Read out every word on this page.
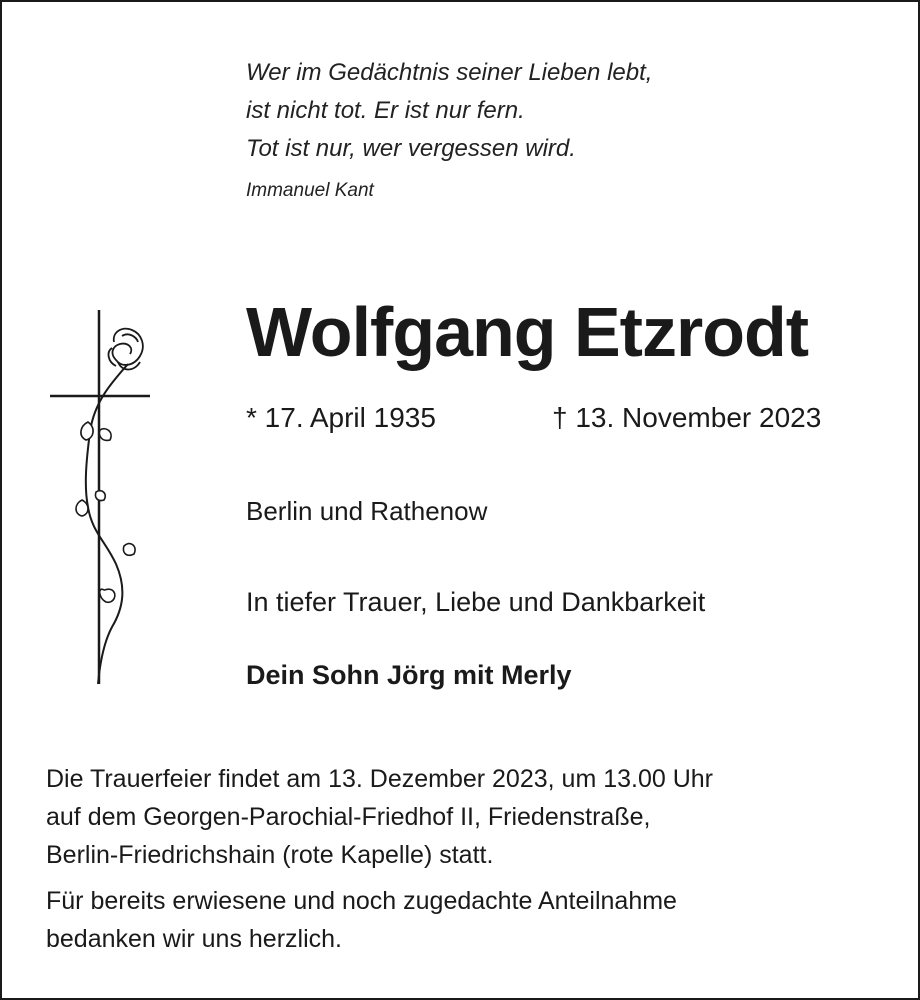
Wer im Gedächtnis seiner Lieben lebt,
ist nicht tot. Er ist nur fern.
Tot ist nur, wer vergessen wird.
Immanuel Kant
Wolfgang Etzrodt
* 17. April 1935	† 13. November 2023
Berlin und Rathenow
In tiefer Trauer, Liebe und Dankbarkeit
Dein Sohn Jörg mit Merly
Die Trauerfeier findet am 13. Dezember 2023, um 13.00 Uhr
auf dem Georgen-Parochial-Friedhof II, Friedenstraße,
Berlin-Friedrichshain (rote Kapelle) statt.
Für bereits erwiesene und noch zugedachte Anteilnahme
bedanken wir uns herzlich.
